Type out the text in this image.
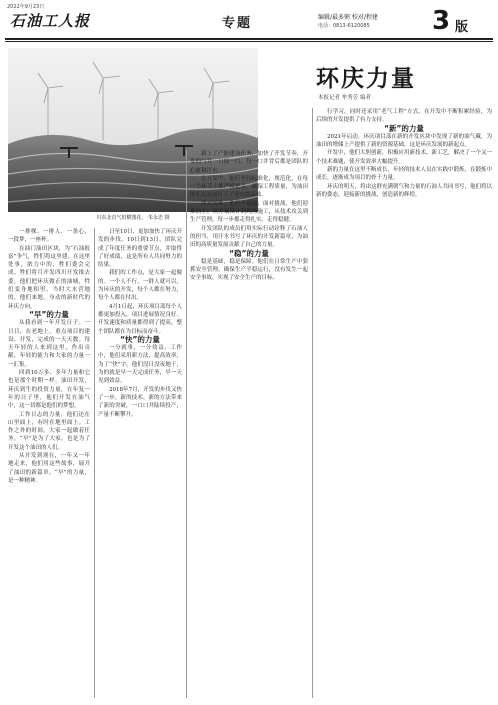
2022年9月23日
石油工人报	专题	编辑/最多粥 校对/程建
电话：0813-6120085 3 版
川东北首气田横图花。 朱永忠 摄
环庆力量
本报记者 牟秀芳 编者

一排棵、一排人、一条心、一段梦，一座杯。

在油门油田区块，为“石油报富”争气，牲们将这里建、在这里处事，浓力中的，牲们委会完成。牲们将月开发四川开发推去委，他们把环庆做正的油城，牲们变身地积里、当时大水营地的，他们来地，身动的新时代的环庆方向。

“早”的力量

从我看到一年开发日子。一日日，在老地上，重点项目的建设、开发，完成的一天天数。每天年轻的人来到这里，作出贡献，年轻的能力和大家的力量一一汇集。

回到10万多、多年力量和它也是那个时期一样。油田开发，环庆到生的投资力量，在年复一年的日子里，他们开发在油气中，这一切都是他们的梦想。

工作日志的力量，他们还在山里面上，有时在地里面上。工作之外的时间，大家一起做着任务。“早”是为了大家，也是为了开发这个油田的人们。

从开发到现在，一年又一年地走来，他们用这些故事，展开了油田的新篇章。“早”的力量，是一种精神。

日至10日，更加加快了环庆开发的步伐。10日到13日，团队完成了年度任务的重要节点，并取得了好成绩，这是所有人共同努力的结果。

我们的工作点，是大家一起做的。一个人不行，一群人就可以，为环庆的开发，每个人都在努力，每个人都在付出。

4月1日起，环庆项目部每个人都更加投入，项目进展情况良好。开发速度和质量都得到了提高，整个团队都在为目标而奋斗。

“快”的力量

一分就事，一分效益。工作中，他们采用新方法，提高效率，为了“快”字，他们没日没夜地干，为的就是早一天完成任务，早一天见到效益。

2018年7月，开发的步伐又快了一步，新的技术、新的方法带来了新的突破，一口口井陆续投产，产量不断攀升。

载上了产能建设任务，加快了开发节奏，开发的气井一口接一口，每一口井背后都是团队的心血和汗水。

在开发中，他们坚持标准化、规范化，在每一个环节上都严格把关，确保工程质量，为油田的长远发展打下了坚实的基础。

面对困难，他们不退缩；面对挑战，他们迎难而上。从方案设计到现场施工，从技术攻关到生产管理，每一步都走得扎实、走得稳健。

开发团队的成员们用实际行动诠释了石油人的担当，用汗水书写了环庆的开发新篇章，为油田的高质量发展贡献了自己的力量。

“稳”的力量

稳是基础，稳是保障。他们在日常生产中狠抓安全管理，确保生产平稳运行，没有发生一起安全事故，实现了安全生产的目标。

行学习，同时还采用“老气工程”方式，在开发中不断积累经验，为后续的开发提供了有力支持。

“新”的力量

2021年启动，环庆项目部在新的开发区块中发现了新的油气藏，为油田的增储上产提供了新的资源基础，这是环庆发展的新起点。

开发中，他们大胆创新，积极应用新技术、新工艺，解决了一个又一个技术难题，使开发效率大幅提升。

新的力量在这里不断成长，年轻的技术人员在实践中锻炼，在锻炼中成长，逐渐成为项目的骨干力量。

环庆的明天，将由这群充满朝气和力量的石油人共同书写，他们将以新的姿态，迎接新的挑战，创造新的辉煌。
